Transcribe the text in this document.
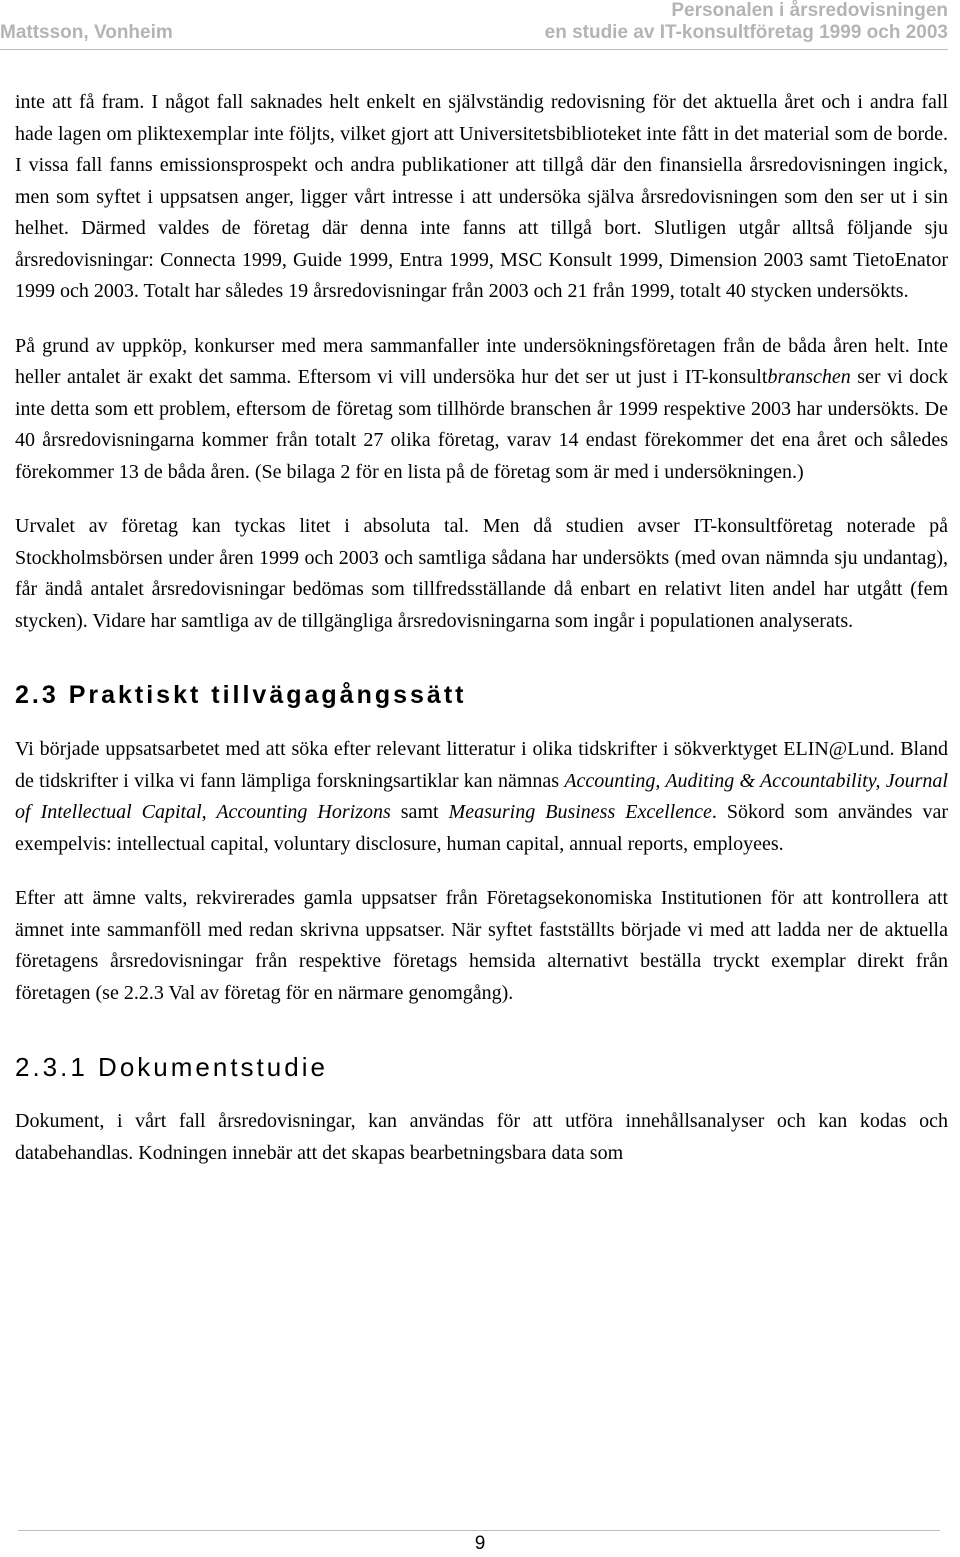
Mattsson, Vonheim
Personalen i årsredovisningen
en studie av IT-konsultföretag 1999 och 2003

inte att få fram. I något fall saknades helt enkelt en självständig redovisning för det aktuella året och i andra fall hade lagen om pliktexemplar inte följts, vilket gjort att Universitetsbiblioteket inte fått in det material som de borde. I vissa fall fanns emissionsprospekt och andra publikationer att tillgå där den finansiella årsredovisningen ingick, men som syftet i uppsatsen anger, ligger vårt intresse i att undersöka själva årsredovisningen som den ser ut i sin helhet. Därmed valdes de företag där denna inte fanns att tillgå bort. Slutligen utgår alltså följande sju årsredovisningar: Connecta 1999, Guide 1999, Entra 1999, MSC Konsult 1999, Dimension 2003 samt TietoEnator 1999 och 2003. Totalt har således 19 årsredovisningar från 2003 och 21 från 1999, totalt 40 stycken undersökts.

På grund av uppköp, konkurser med mera sammanfaller inte undersökningsföretagen från de båda åren helt. Inte heller antalet är exakt det samma. Eftersom vi vill undersöka hur det ser ut just i IT-konsultbranschen ser vi dock inte detta som ett problem, eftersom de företag som tillhörde branschen år 1999 respektive 2003 har undersökts. De 40 årsredovisningarna kommer från totalt 27 olika företag, varav 14 endast förekommer det ena året och således förekommer 13 de båda åren. (Se bilaga 2 för en lista på de företag som är med i undersökningen.)

Urvalet av företag kan tyckas litet i absoluta tal. Men då studien avser IT-konsultföretag noterade på Stockholmsbörsen under åren 1999 och 2003 och samtliga sådana har undersökts (med ovan nämnda sju undantag), får ändå antalet årsredovisningar bedömas som tillfredsställande då enbart en relativt liten andel har utgått (fem stycken). Vidare har samtliga av de tillgängliga årsredovisningarna som ingår i populationen analyserats.

2.3 Praktiskt tillvägagångssätt

Vi började uppsatsarbetet med att söka efter relevant litteratur i olika tidskrifter i sökverktyget ELIN@Lund. Bland de tidskrifter i vilka vi fann lämpliga forskningsartiklar kan nämnas Accounting, Auditing & Accountability, Journal of Intellectual Capital, Accounting Horizons samt Measuring Business Excellence. Sökord som användes var exempelvis: intellectual capital, voluntary disclosure, human capital, annual reports, employees.

Efter att ämne valts, rekvirerades gamla uppsatser från Företagsekonomiska Institutionen för att kontrollera att ämnet inte sammanföll med redan skrivna uppsatser. När syftet fastställts började vi med att ladda ner de aktuella företagens årsredovisningar från respektive företags hemsida alternativt beställa tryckt exemplar direkt från företagen (se 2.2.3 Val av företag för en närmare genomgång).

2.3.1 Dokumentstudie

Dokument, i vårt fall årsredovisningar, kan användas för att utföra innehållsanalyser och kan kodas och databehandlas. Kodningen innebär att det skapas bearbetningsbara data som

9
